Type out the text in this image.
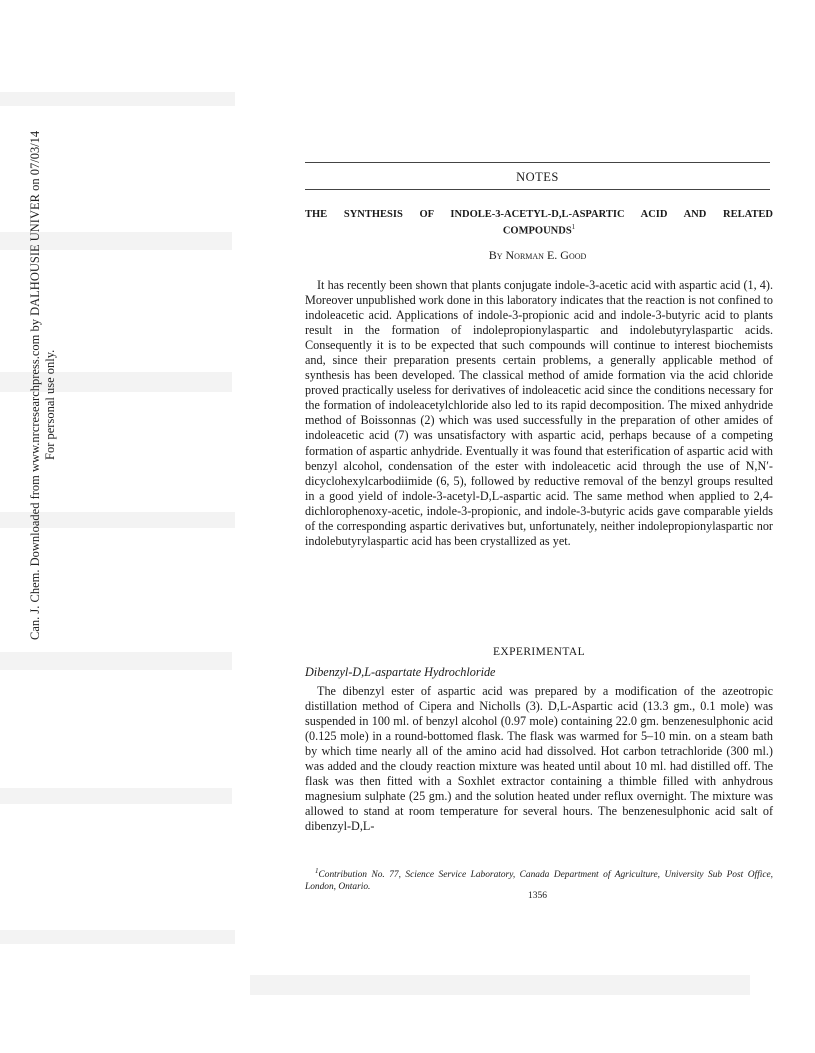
Can. J. Chem. Downloaded from www.nrcresearchpress.com by DALHOUSIE UNIVER on 07/03/14 For personal use only.
NOTES
THE SYNTHESIS OF INDOLE-3-ACETYL-D,L-ASPARTIC ACID AND RELATED
COMPOUNDS$^1$
By Norman E. Good
It has recently been shown that plants conjugate indole-3-acetic acid with aspartic acid (1, 4). Moreover unpublished work done in this laboratory indicates that the reaction is not confined to indoleacetic acid. Applications of indole-3-propionic acid and indole-3-butyric acid to plants result in the formation of indolepropionylaspartic and indolebutyrylaspartic acids. Consequently it is to be expected that such compounds will continue to interest biochemists and, since their preparation presents certain problems, a generally applicable method of synthesis has been developed. The classical method of amide formation via the acid chloride proved practically useless for derivatives of indoleacetic acid since the conditions necessary for the formation of indoleacetylchloride also led to its rapid decomposition. The mixed anhydride method of Boissonnas (2) which was used successfully in the preparation of other amides of indoleacetic acid (7) was unsatisfactory with aspartic acid, perhaps because of a competing formation of aspartic anhydride. Eventually it was found that esterification of aspartic acid with benzyl alcohol, condensation of the ester with indoleacetic acid through the use of N,N′-dicyclohexylcarbodiimide (6, 5), followed by reductive removal of the benzyl groups resulted in a good yield of indole-3-acetyl-D,L-aspartic acid. The same method when applied to 2,4-dichlorophenoxy-acetic, indole-3-propionic, and indole-3-butyric acids gave comparable yields of the corresponding aspartic derivatives but, unfortunately, neither indolepropionylaspartic nor indolebutyrylaspartic acid has been crystallized as yet.
EXPERIMENTAL
Dibenzyl-D,L-aspartate Hydrochloride
The dibenzyl ester of aspartic acid was prepared by a modification of the azeotropic distillation method of Cipera and Nicholls (3). D,L-Aspartic acid (13.3 gm., 0.1 mole) was suspended in 100 ml. of benzyl alcohol (0.97 mole) containing 22.0 gm. benzenesulphonic acid (0.125 mole) in a round-bottomed flask. The flask was warmed for 5–10 min. on a steam bath by which time nearly all of the amino acid had dissolved. Hot carbon tetrachloride (300 ml.) was added and the cloudy reaction mixture was heated until about 10 ml. had distilled off. The flask was then fitted with a Soxhlet extractor containing a thimble filled with anhydrous magnesium sulphate (25 gm.) and the solution heated under reflux overnight. The mixture was allowed to stand at room temperature for several hours. The benzenesulphonic acid salt of dibenzyl-D,L-
$^1$Contribution No. 77, Science Service Laboratory, Canada Department of Agriculture, University Sub Post Office, London, Ontario.
1356
